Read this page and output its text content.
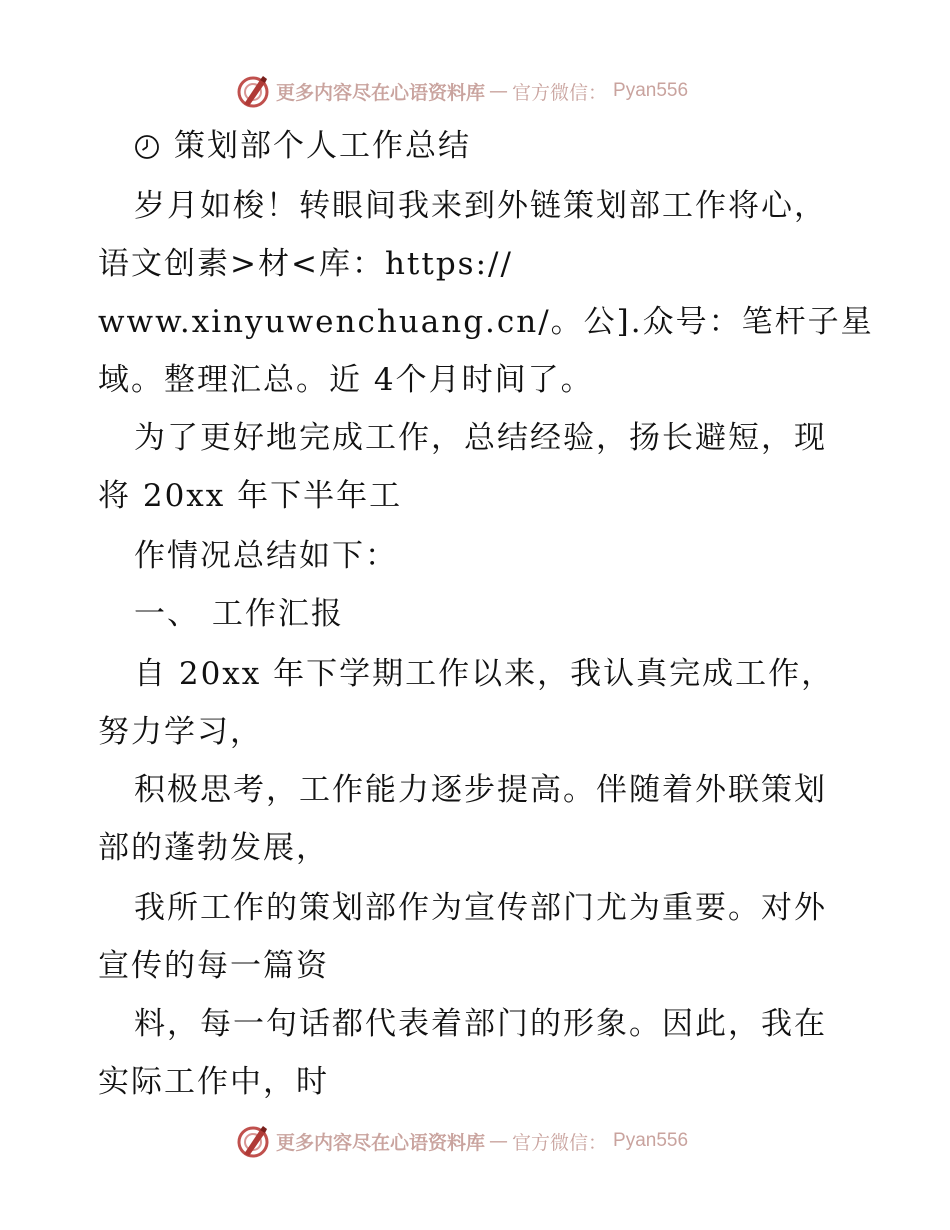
更多内容尽在心语资料库 — 官方微信： Pyan556
策划部个人工作总结
岁月如梭！转眼间我来到外链策划部工作将心，
语文创素>材<库：https://
www.xinyuwenchuang.cn/。公].众号：笔杆子星
域。整理汇总。近 4个月时间了。
为了更好地完成工作，总结经验，扬长避短，现
将 20xx 年下半年工
作情况总结如下：
一、 工作汇报
自 20xx 年下学期工作以来，我认真完成工作，
努力学习，
积极思考，工作能力逐步提高。伴随着外联策划
部的蓬勃发展，
我所工作的策划部作为宣传部门尤为重要。对外
宣传的每一篇资
料，每一句话都代表着部门的形象。因此，我在
实际工作中，时
更多内容尽在心语资料库 — 官方微信： Pyan556
